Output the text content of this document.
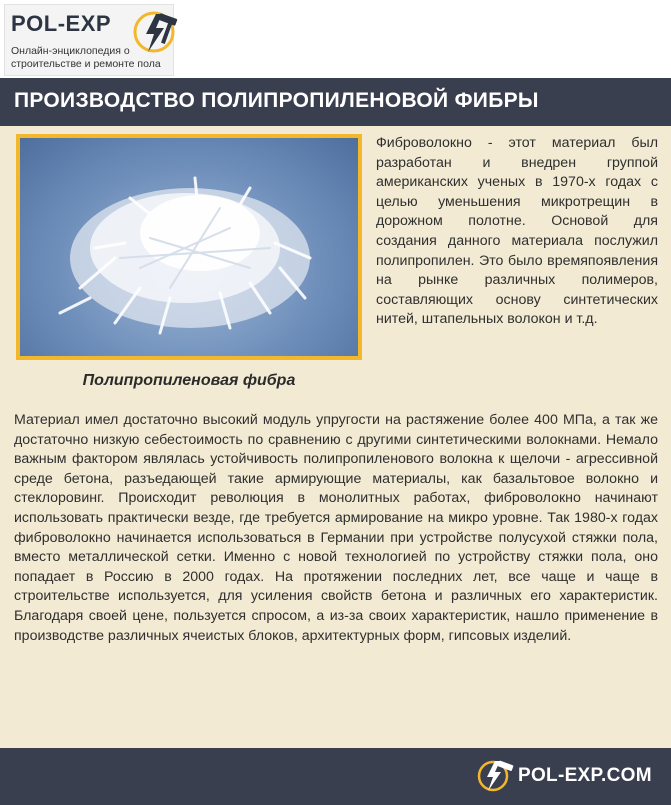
POL-EXP
Онлайн-энциклопедия о строительстве и ремонте пола
ПРОИЗВОДСТВО ПОЛИПРОПИЛЕНОВОЙ ФИБРЫ
Полипропиленовая фибра
Фиброволокно - этот материал был разработан и внедрен группой американских ученых в 1970-х годах с целью уменьшения микротрещин в дорожном полотне. Основой для создания данного материала послужил полипропилен. Это было времяпоявления на рынке различных полимеров, составляющих основу синтетических нитей, штапельных волокон и т.д.
Материал имел достаточно высокий модуль упругости на растяжение более 400 МПа, а так же достаточно низкую себестоимость по сравнению с другими синтетическими волокнами. Немало важным фактором являлась устойчивость полипропиленового волокна к щелочи - агрессивной среде бетона, разъедающей такие армирующие материалы, как базальтовое волокно и стеклоровинг. Происходит революция в монолитных работах, фиброволокно начинают использовать практически везде, где требуется армирование на микро уровне. Так 1980-х годах фиброволокно начинается использоваться в Германии при устройстве полусухой стяжки пола, вместо металлической сетки. Именно с новой технологией по устройству стяжки пола, оно попадает в Россию в 2000 годах. На протяжении последних лет, все чаще и чаще в строительстве используется, для усиления свойств бетона и различных его характеристик. Благодаря своей цене, пользуется спросом, а из-за своих характеристик, нашло применение в производстве различных ячеистых блоков, архитектурных форм, гипсовых изделий.
POL-EXP.COM
